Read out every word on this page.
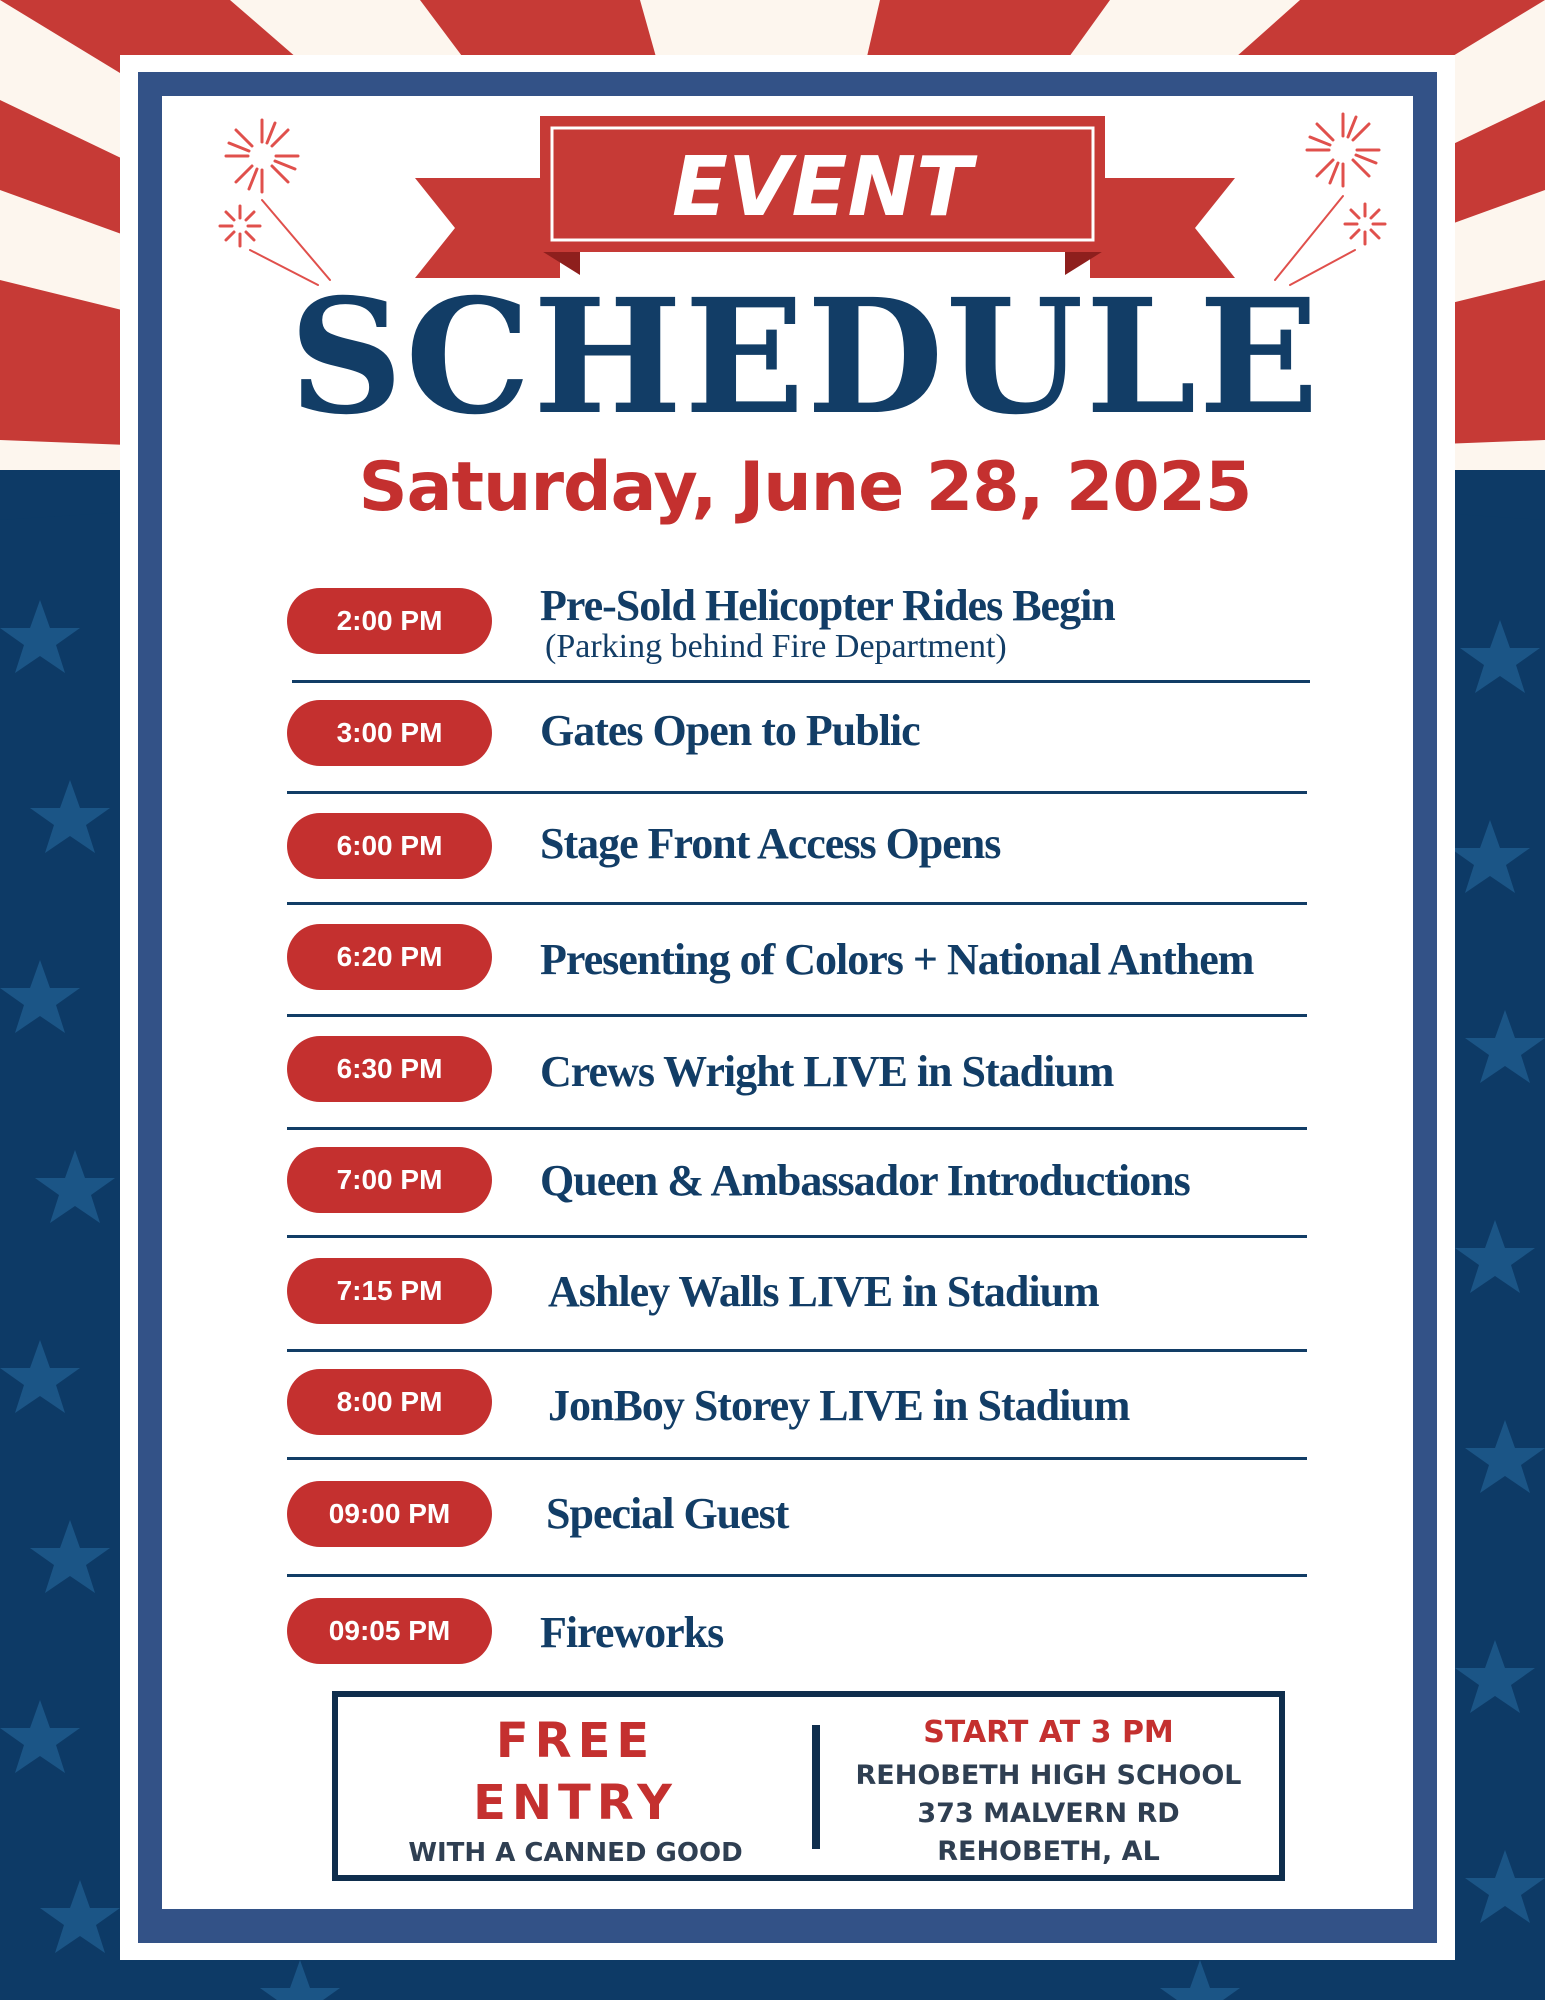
EVENT
SCHEDULE
Saturday, June 28, 2025
2:00 PM	Pre-Sold Helicopter Rides Begin
(Parking behind Fire Department)
3:00 PM	Gates Open to Public
6:00 PM	Stage Front Access Opens
6:20 PM	Presenting of Colors + National Anthem
6:30 PM	Crews Wright LIVE in Stadium
7:00 PM	Queen & Ambassador Introductions
7:15 PM	Ashley Walls LIVE in Stadium
8:00 PM	JonBoy Storey LIVE in Stadium
09:00 PM	Special Guest
09:05 PM	Fireworks
FREE
ENTRY
WITH A CANNED GOOD
START AT 3 PM
REHOBETH HIGH SCHOOL
373 MALVERN RD
REHOBETH, AL
